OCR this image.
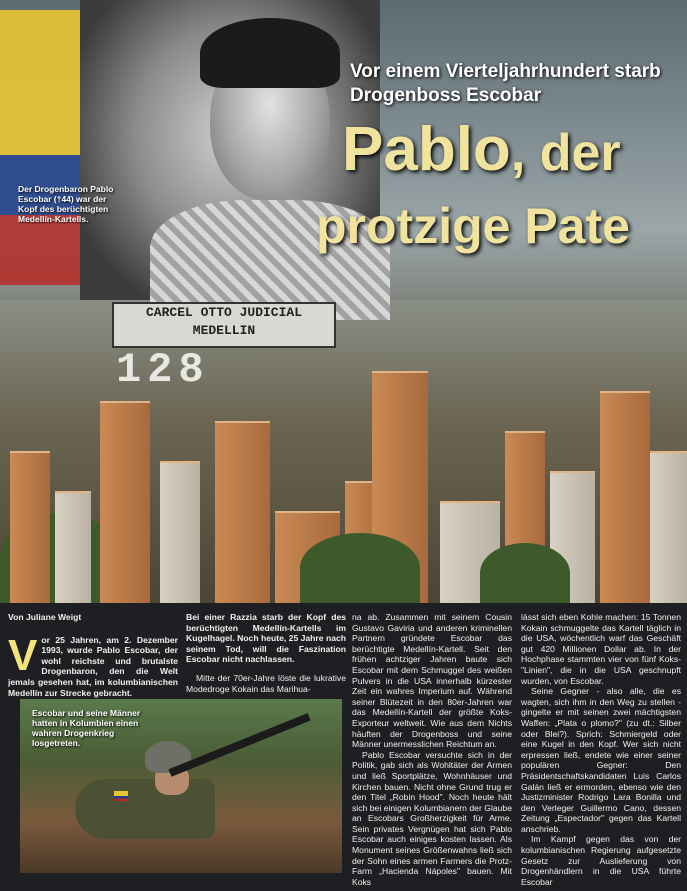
CARCEL OTTO JUDICIAL
MEDELLIN
128
Der Drogenbaron Pablo Escobar (†44) war der Kopf des berüchtigten Medellín-Kartells.
Vor einem Vierteljahrhundert starb Drogenboss Escobar
Pablo, der
protzige Pate
Von Juliane Weigt

Vor 25 Jahren, am 2. Dezember 1993, wurde Pablo Escobar, der wohl reichste und brutalste Drogenbaron, den die Welt jemals gesehen hat, im kolumbianischen Medellín zur Strecke gebracht.

Escobar und seine Männer hatten in Kolumbien einen wahren Drogenkrieg losgetreten.

Bei einer Razzia starb der Kopf des berüchtigten Medellín-Kartells im Kugelhagel. Noch heute, 25 Jahre nach seinem Tod, will die Faszination Escobar nicht nachlassen.

Mitte der 70er-Jahre löste die lukrative Modedroge Kokain das Marihua-

na ab. Zusammen mit seinem Cousin Gustavo Gaviria und anderen kriminellen Partnern gründete Escobar das berüchtigte Medellín-Kartell. Seit den frühen achtziger Jahren baute sich Escobar mit dem Schmuggel des weißen Pulvers in die USA innerhalb kürzester Zeit ein wahres Imperium auf. Während seiner Blütezeit in den 80er-Jahren war das Medellín-Kartell der größte Koks-Exporteur weltweit. Wie aus dem Nichts häuften der Drogenboss und seine Männer unermesslichen Reichtum an.

Pablo Escobar versuchte sich in der Politik, gab sich als Wohltäter der Armen und ließ Sportplätze, Wohnhäuser und Kirchen bauen. Nicht ohne Grund trug er den Titel „Robin Hood". Noch heute hält sich bei einigen Kolumbianern der Glaube an Escobars Großherzigkeit für Arme. Sein privates Vergnügen hat sich Pablo Escobar auch einiges kosten lassen. Als Monument seines Größenwahns ließ sich der Sohn eines armen Farmers die Protz-Farm „Hacienda Nápoles" bauen. Mit Koks

lässt sich eben Kohle machen: 15 Tonnen Kokain schmuggelte das Kartell täglich in die USA, wöchentlich warf das Geschäft gut 420 Millionen Dollar ab. In der Hochphase stammten vier von fünf Koks-"Linien", die in die USA geschnupft wurden, von Escobar.

Seine Gegner - also alle, die es wagten, sich ihm in den Weg zu stellen - gingelte er mit seinen zwei mächtigsten Waffen: „Plata o plomo?" (zu dt.: Silber oder Blei?). Sprich: Schmiergeld oder eine Kugel in den Kopf. Wer sich nicht erpressen ließ, endete wie einer seiner populären Gegner: Den Präsidentschaftskandidaten Luis Carlos Galán ließ er ermorden, ebenso wie den Justizminister Rodrigo Lara Bonilla und den Verleger Guillermo Cano, dessen Zeitung „Espectador" gegen das Kartell anschrieb.

Im Kampf gegen das von der kolumbianischen Regierung aufgesetzte Gesetz zur Auslieferung von Drogenhändlern in die USA führte Escobar
